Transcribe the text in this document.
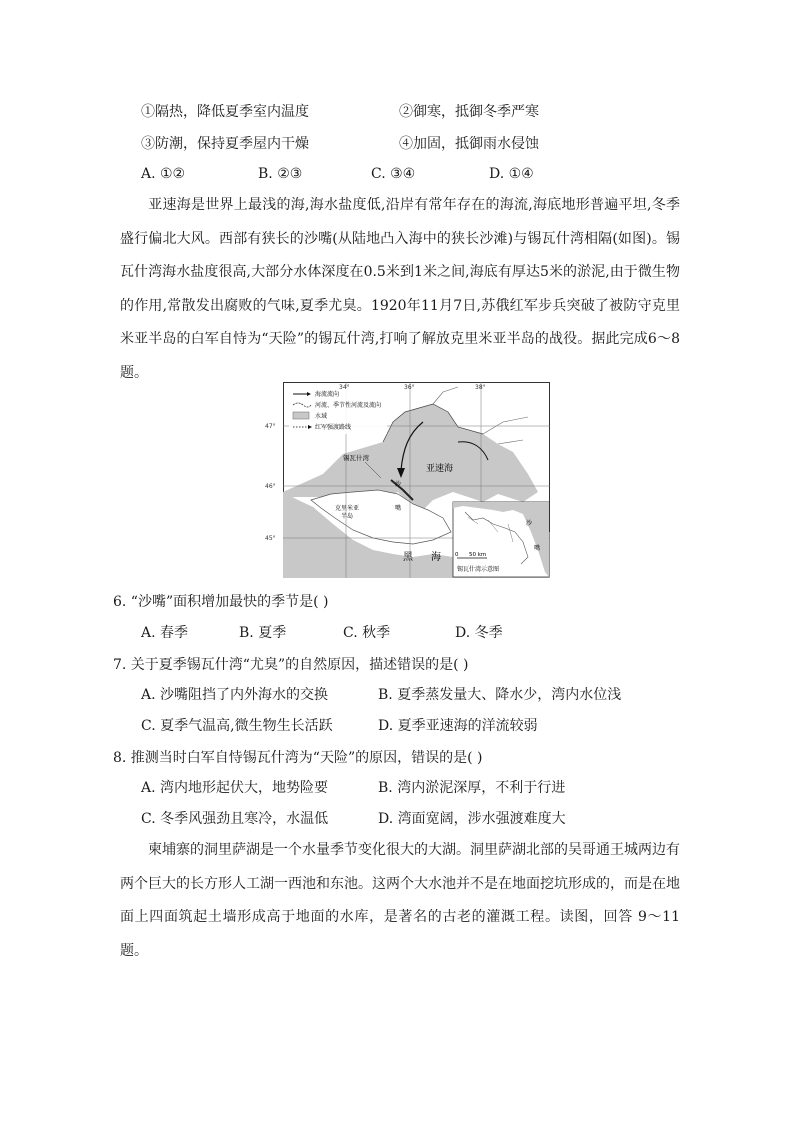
①隔热，降低夏季室内温度	②御寒，抵御冬季严寒
③防潮，保持夏季屋内干燥	④加固，抵御雨水侵蚀
A. ①②	B. ②③	C. ③④	D. ①④
亚速海是世界上最浅的海,海水盐度低,沿岸有常年存在的海流,海底地形普遍平坦,冬季盛行偏北大风。西部有狭长的沙嘴(从陆地凸入海中的狭长沙滩)与锡瓦什湾相隔(如图)。锡瓦什湾海水盐度很高,大部分水体深度在0.5米到1米之间,海底有厚达5米的淤泥,由于微生物的作用,常散发出腐败的气味,夏季尤臭。1920年11月7日,苏俄红军步兵突破了被防守克里米亚半岛的白军自恃为“天险”的锡瓦什湾,打响了解放克里米亚半岛的战役。据此完成6～8题。
海流流向
河流、季节性河流及流向
水域
红军强渡路线
34°	36°	38°
47°
46°
45°
锡瓦什湾
亚速海
沙
嘴
克里米亚
半岛
黑 海
沙
嘴
0 50 km
锡瓦什湾示意图
6. “沙嘴”面积增加最快的季节是( )
A. 春季	B. 夏季	C. 秋季	D. 冬季
7. 关于夏季锡瓦什湾“尤臭”的自然原因，描述错误的是( )
A. 沙嘴阻挡了内外海水的交换	B. 夏季蒸发量大、降水少，湾内水位浅
C. 夏季气温高,微生物生长活跃	D. 夏季亚速海的洋流较弱
8. 推测当时白军自恃锡瓦什湾为“天险”的原因，错误的是( )
A. 湾内地形起伏大，地势险要	B. 湾内淤泥深厚，不利于行进
C. 冬季风强劲且寒冷，水温低	D. 湾面宽阔，涉水强渡难度大
柬埔寨的洞里萨湖是一个水量季节变化很大的大湖。洞里萨湖北部的吴哥通王城两边有两个巨大的长方形人工湖一西池和东池。这两个大水池并不是在地面挖坑形成的，而是在地面上四面筑起土墙形成高于地面的水库，是著名的古老的灌溉工程。读图，回答 9～11题。
